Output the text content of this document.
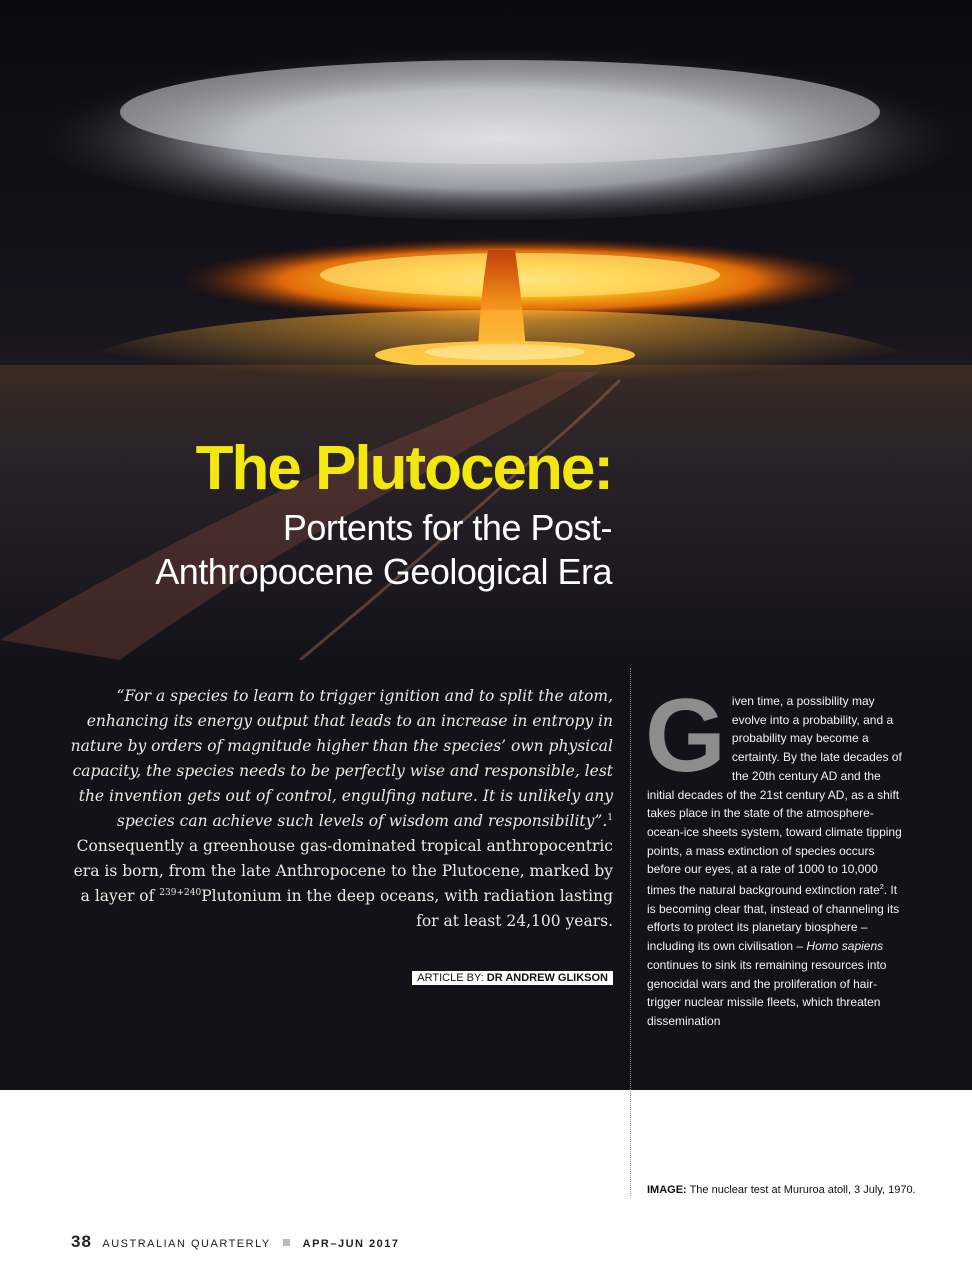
The Plutocene:
Portents for the Post-
Anthropocene Geological Era
“For a species to learn to trigger ignition and to split the atom, enhancing its energy output that leads to an increase in entropy in nature by orders of magnitude higher than the species’ own physical capacity, the species needs to be perfectly wise and responsible, lest the invention gets out of control, engulfing nature. It is unlikely any species can achieve such levels of wisdom and responsibility”.$^1$ Consequently a greenhouse gas-dominated tropical anthropocentric era is born, from the late Anthropocene to the Plutocene, marked by a layer of $^{239+240}$Plutonium in the deep oceans, with radiation lasting for at least 24,100 years.
ARTICLE BY: DR ANDREW GLIKSON
Given time, a possibility may evolve into a probability, and a probability may become a certainty. By the late decades of the 20th century AD and the initial decades of the 21st century AD, as a shift takes place in the state of the atmosphere-ocean-ice sheets system, toward climate tipping points, a mass extinction of species occurs before our eyes, at a rate of 1000 to 10,000 times the natural background extinction rate$^2$. It is becoming clear that, instead of channeling its efforts to protect its planetary biosphere – including its own civilisation – Homo sapiens continues to sink its remaining resources into genocidal wars and the proliferation of hair-trigger nuclear missile fleets, which threaten dissemination
IMAGE: The nuclear test at Mururoa atoll, 3 July, 1970.
38 AUSTRALIAN QUARTERLY	APR–JUN 2017
